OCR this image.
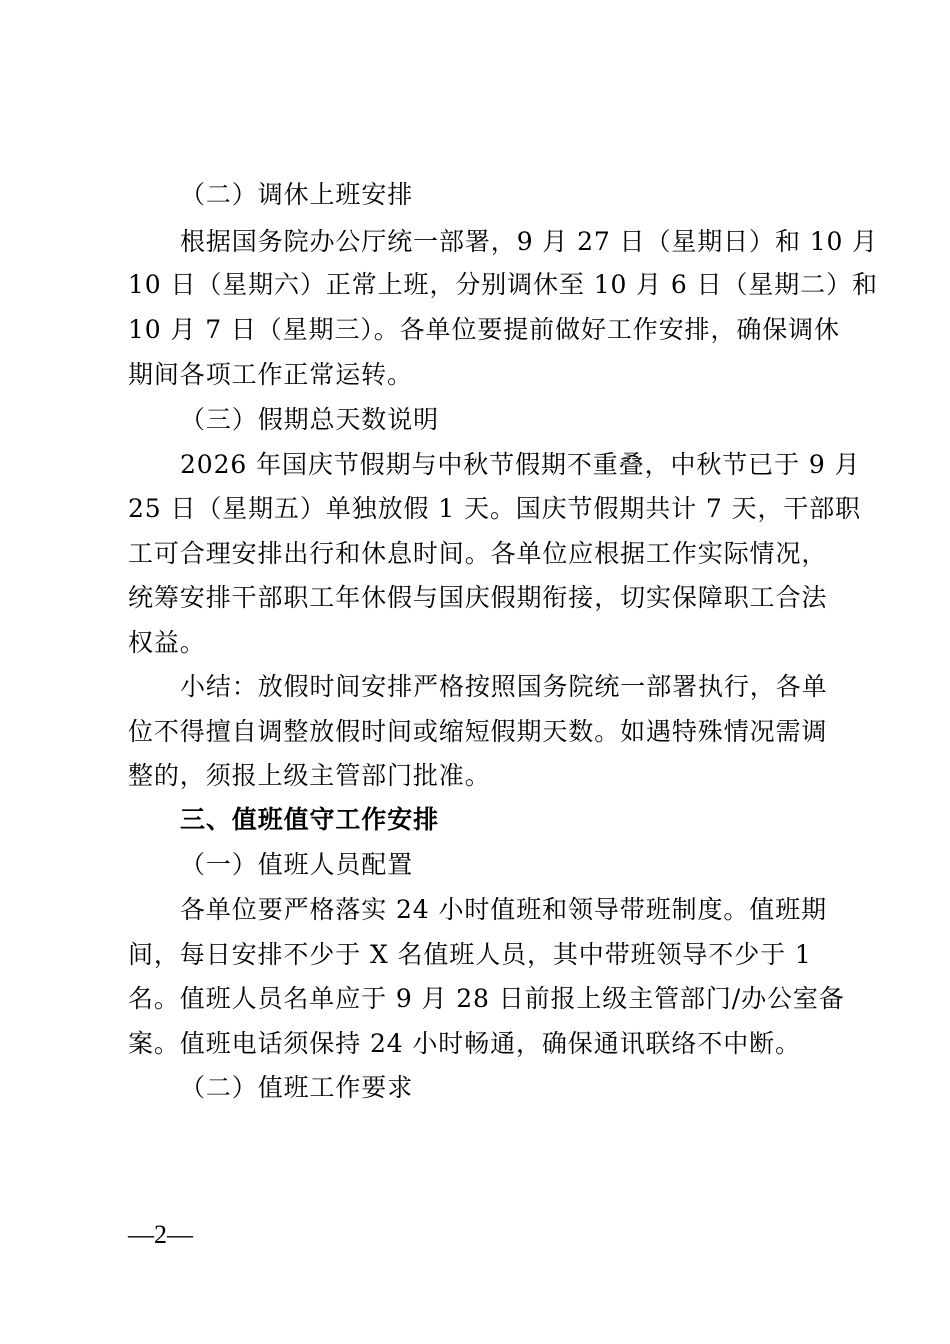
（二）调休上班安排

根据国务院办公厅统一部署，9 月 27 日（星期日）和 10 月

10 日（星期六）正常上班，分别调休至 10 月 6 日（星期二）和

10 月 7 日（星期三）。各单位要提前做好工作安排，确保调休

期间各项工作正常运转。

（三）假期总天数说明

2026 年国庆节假期与中秋节假期不重叠，中秋节已于 9 月

25 日（星期五）单独放假 1 天。国庆节假期共计 7 天，干部职

工可合理安排出行和休息时间。各单位应根据工作实际情况，

统筹安排干部职工年休假与国庆假期衔接，切实保障职工合法

权益。

小结：放假时间安排严格按照国务院统一部署执行，各单

位不得擅自调整放假时间或缩短假期天数。如遇特殊情况需调

整的，须报上级主管部门批准。

三、值班值守工作安排

（一）值班人员配置

各单位要严格落实 24 小时值班和领导带班制度。值班期

间，每日安排不少于 X 名值班人员，其中带班领导不少于 1

名。值班人员名单应于 9 月 28 日前报上级主管部门/办公室备

案。值班电话须保持 24 小时畅通，确保通讯联络不中断。

（二）值班工作要求

—2—
